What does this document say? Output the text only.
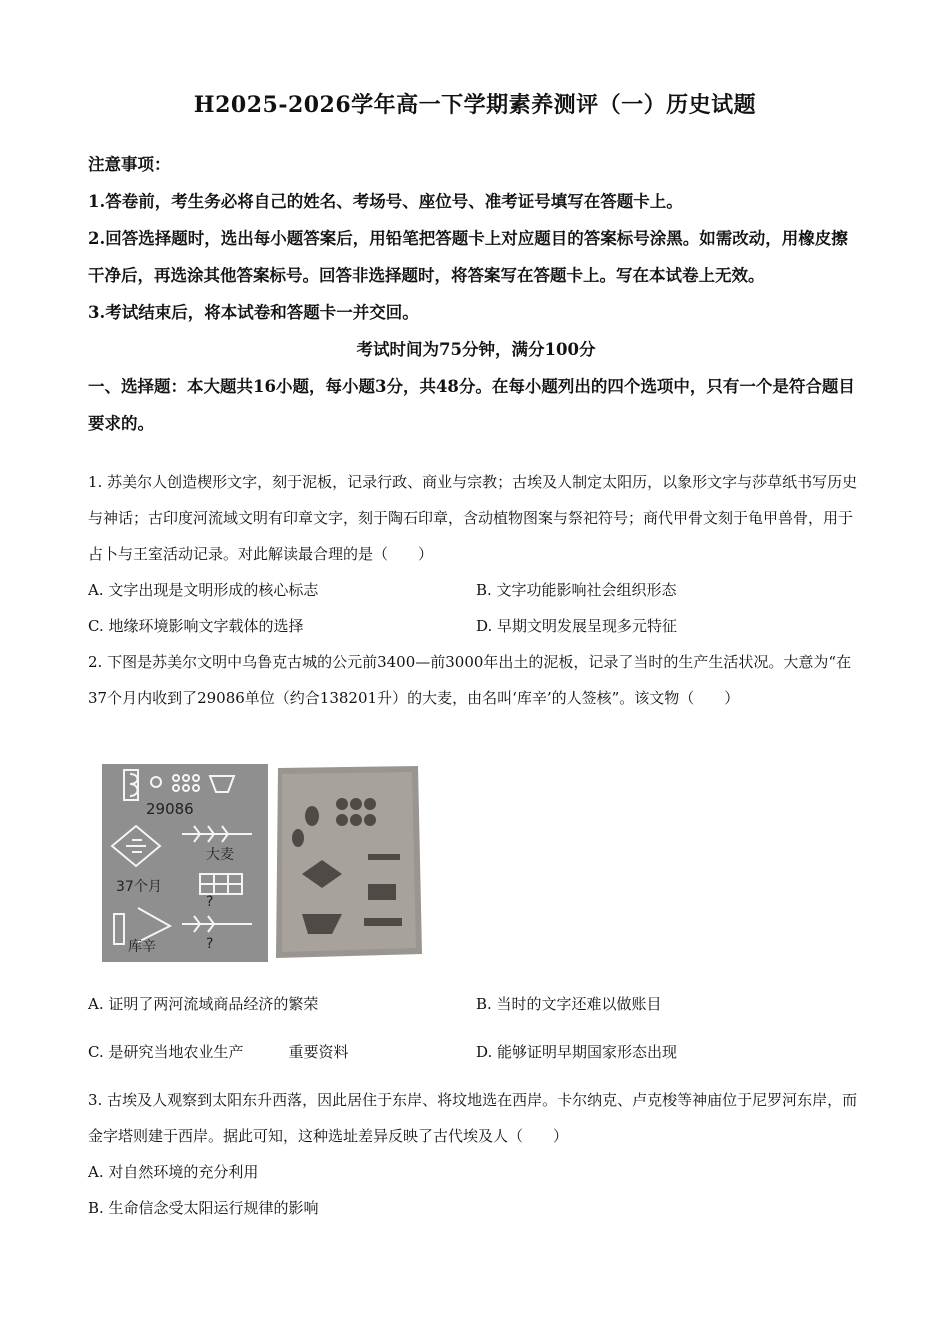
H2025-2026学年高一下学期素养测评（一）历史试题

注意事项：

1.答卷前，考生务必将自己的姓名、考场号、座位号、准考证号填写在答题卡上。

2.回答选择题时，选出每小题答案后，用铅笔把答题卡上对应题目的答案标号涂黑。如需改动，用橡皮擦干净后，再选涂其他答案标号。回答非选择题时，将答案写在答题卡上。写在本试卷上无效。

3.考试结束后，将本试卷和答题卡一并交回。

考试时间为75分钟，满分100分

一、选择题：本大题共16小题，每小题3分，共48分。在每小题列出的四个选项中，只有一个是符合题目要求的。

1. 苏美尔人创造楔形文字，刻于泥板，记录行政、商业与宗教；古埃及人制定太阳历，以象形文字与莎草纸书写历史与神话；古印度河流域文明有印章文字，刻于陶石印章，含动植物图案与祭祀符号；商代甲骨文刻于龟甲兽骨，用于占卜与王室活动记录。对此解读最合理的是（　　）

A. 文字出现是文明形成的核心标志	B. 文字功能影响社会组织形态
C. 地缘环境影响文字载体的选择	D. 早期文明发展呈现多元特征

2. 下图是苏美尔文明中乌鲁克古城的公元前3400—前3000年出土的泥板，记录了当时的生产生活状况。大意为“在37个月内收到了29086单位（约合138201升）的大麦，由名叫‘库辛’的人签核”。该文物（　　）

29086
大麦
37个月
库辛
?
?
A. 证明了两河流域商品经济的繁荣	B. 当时的文字还难以做账目
C. 是研究当地农业生产　　　重要资料	D. 能够证明早期国家形态出现

3. 古埃及人观察到太阳东升西落，因此居住于东岸、将坟地选在西岸。卡尔纳克、卢克梭等神庙位于尼罗河东岸，而金字塔则建于西岸。据此可知，这种选址差异反映了古代埃及人（　　）

A. 对自然环境的充分利用

B. 生命信念受太阳运行规律的影响
